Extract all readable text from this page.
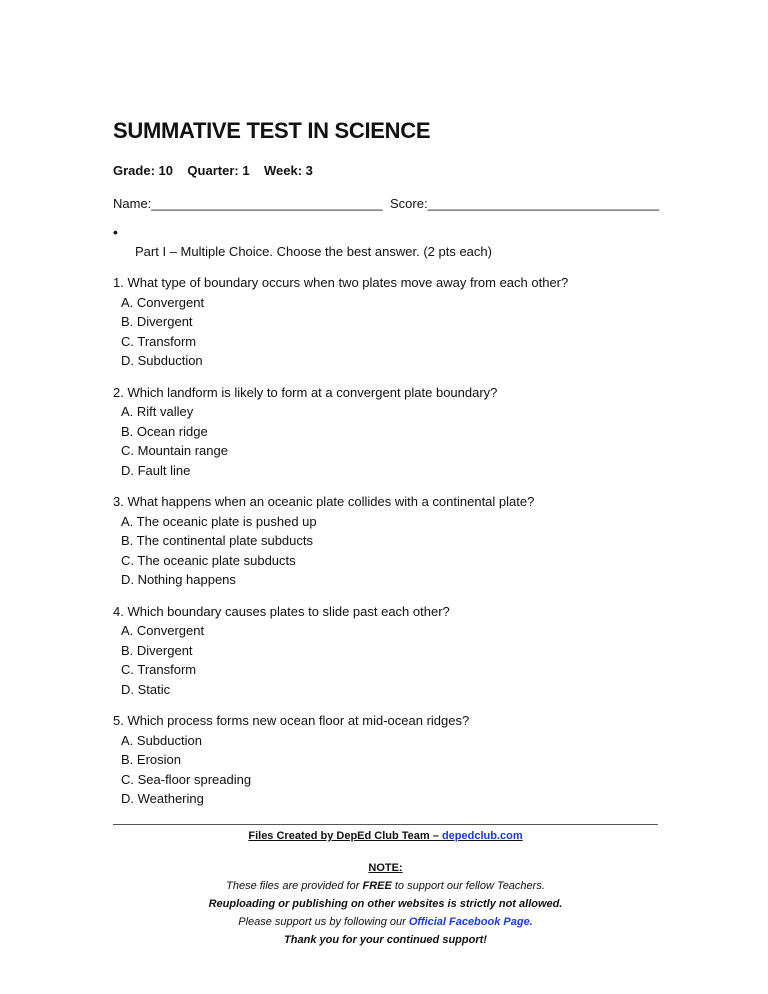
SUMMATIVE TEST IN SCIENCE
Grade: 10    Quarter: 1    Week: 3
Name:________________________________ Score:________________________________
•
Part I – Multiple Choice. Choose the best answer. (2 pts each)
1. What type of boundary occurs when two plates move away from each other?
A. Convergent
B. Divergent
C. Transform
D. Subduction
2. Which landform is likely to form at a convergent plate boundary?
A. Rift valley
B. Ocean ridge
C. Mountain range
D. Fault line
3. What happens when an oceanic plate collides with a continental plate?
A. The oceanic plate is pushed up
B. The continental plate subducts
C. The oceanic plate subducts
D. Nothing happens
4. Which boundary causes plates to slide past each other?
A. Convergent
B. Divergent
C. Transform
D. Static
5. Which process forms new ocean floor at mid-ocean ridges?
A. Subduction
B. Erosion
C. Sea-floor spreading
D. Weathering
Files Created by DepEd Club Team – depedclub.com
NOTE:
These files are provided for FREE to support our fellow Teachers.
Reuploading or publishing on other websites is strictly not allowed.
Please support us by following our Official Facebook Page.
Thank you for your continued support!
